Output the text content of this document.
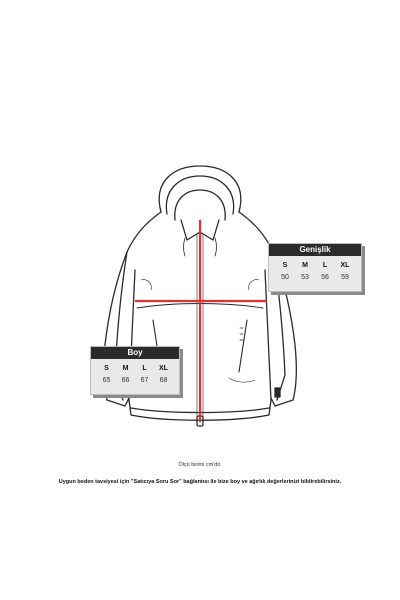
Genişlik
S	M	L	XL
50	53	56	59
Boy
S	M	L	XL
65	66	67	68
Ölçü birimi cm'dir.
Uygun beden tavsiyesi için "Satıcıya Soru Sor" bağlantısı ile bize boy ve ağırlık değerlerinizi bildirebilirsiniz.
